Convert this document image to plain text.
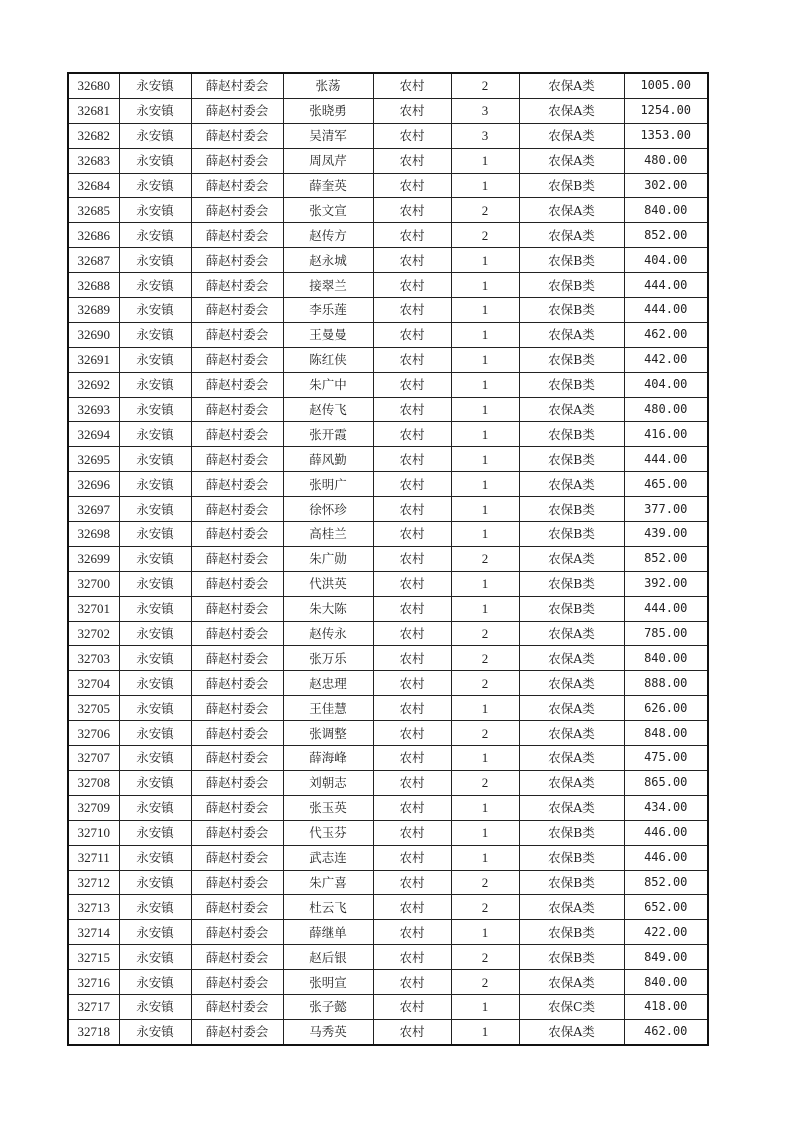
32680	永安镇	薛赵村委会	张荡	农村	2	农保A类	1005.00
32681	永安镇	薛赵村委会	张晓勇	农村	3	农保A类	1254.00
32682	永安镇	薛赵村委会	吴清军	农村	3	农保A类	1353.00
32683	永安镇	薛赵村委会	周凤芹	农村	1	农保A类	480.00
32684	永安镇	薛赵村委会	薛奎英	农村	1	农保B类	302.00
32685	永安镇	薛赵村委会	张文宣	农村	2	农保A类	840.00
32686	永安镇	薛赵村委会	赵传方	农村	2	农保A类	852.00
32687	永安镇	薛赵村委会	赵永城	农村	1	农保B类	404.00
32688	永安镇	薛赵村委会	接翠兰	农村	1	农保B类	444.00
32689	永安镇	薛赵村委会	李乐莲	农村	1	农保B类	444.00
32690	永安镇	薛赵村委会	王曼曼	农村	1	农保A类	462.00
32691	永安镇	薛赵村委会	陈红侠	农村	1	农保B类	442.00
32692	永安镇	薛赵村委会	朱广中	农村	1	农保B类	404.00
32693	永安镇	薛赵村委会	赵传飞	农村	1	农保A类	480.00
32694	永安镇	薛赵村委会	张开霞	农村	1	农保B类	416.00
32695	永安镇	薛赵村委会	薛风勤	农村	1	农保B类	444.00
32696	永安镇	薛赵村委会	张明广	农村	1	农保A类	465.00
32697	永安镇	薛赵村委会	徐怀珍	农村	1	农保B类	377.00
32698	永安镇	薛赵村委会	高桂兰	农村	1	农保B类	439.00
32699	永安镇	薛赵村委会	朱广勋	农村	2	农保A类	852.00
32700	永安镇	薛赵村委会	代洪英	农村	1	农保B类	392.00
32701	永安镇	薛赵村委会	朱大陈	农村	1	农保B类	444.00
32702	永安镇	薛赵村委会	赵传永	农村	2	农保A类	785.00
32703	永安镇	薛赵村委会	张万乐	农村	2	农保A类	840.00
32704	永安镇	薛赵村委会	赵忠理	农村	2	农保A类	888.00
32705	永安镇	薛赵村委会	王佳慧	农村	1	农保A类	626.00
32706	永安镇	薛赵村委会	张调整	农村	2	农保A类	848.00
32707	永安镇	薛赵村委会	薛海峰	农村	1	农保A类	475.00
32708	永安镇	薛赵村委会	刘朝志	农村	2	农保A类	865.00
32709	永安镇	薛赵村委会	张玉英	农村	1	农保A类	434.00
32710	永安镇	薛赵村委会	代玉芬	农村	1	农保B类	446.00
32711	永安镇	薛赵村委会	武志连	农村	1	农保B类	446.00
32712	永安镇	薛赵村委会	朱广喜	农村	2	农保B类	852.00
32713	永安镇	薛赵村委会	杜云飞	农村	2	农保A类	652.00
32714	永安镇	薛赵村委会	薛继单	农村	1	农保B类	422.00
32715	永安镇	薛赵村委会	赵后银	农村	2	农保B类	849.00
32716	永安镇	薛赵村委会	张明宣	农村	2	农保A类	840.00
32717	永安镇	薛赵村委会	张子懿	农村	1	农保C类	418.00
32718	永安镇	薛赵村委会	马秀英	农村	1	农保A类	462.00
